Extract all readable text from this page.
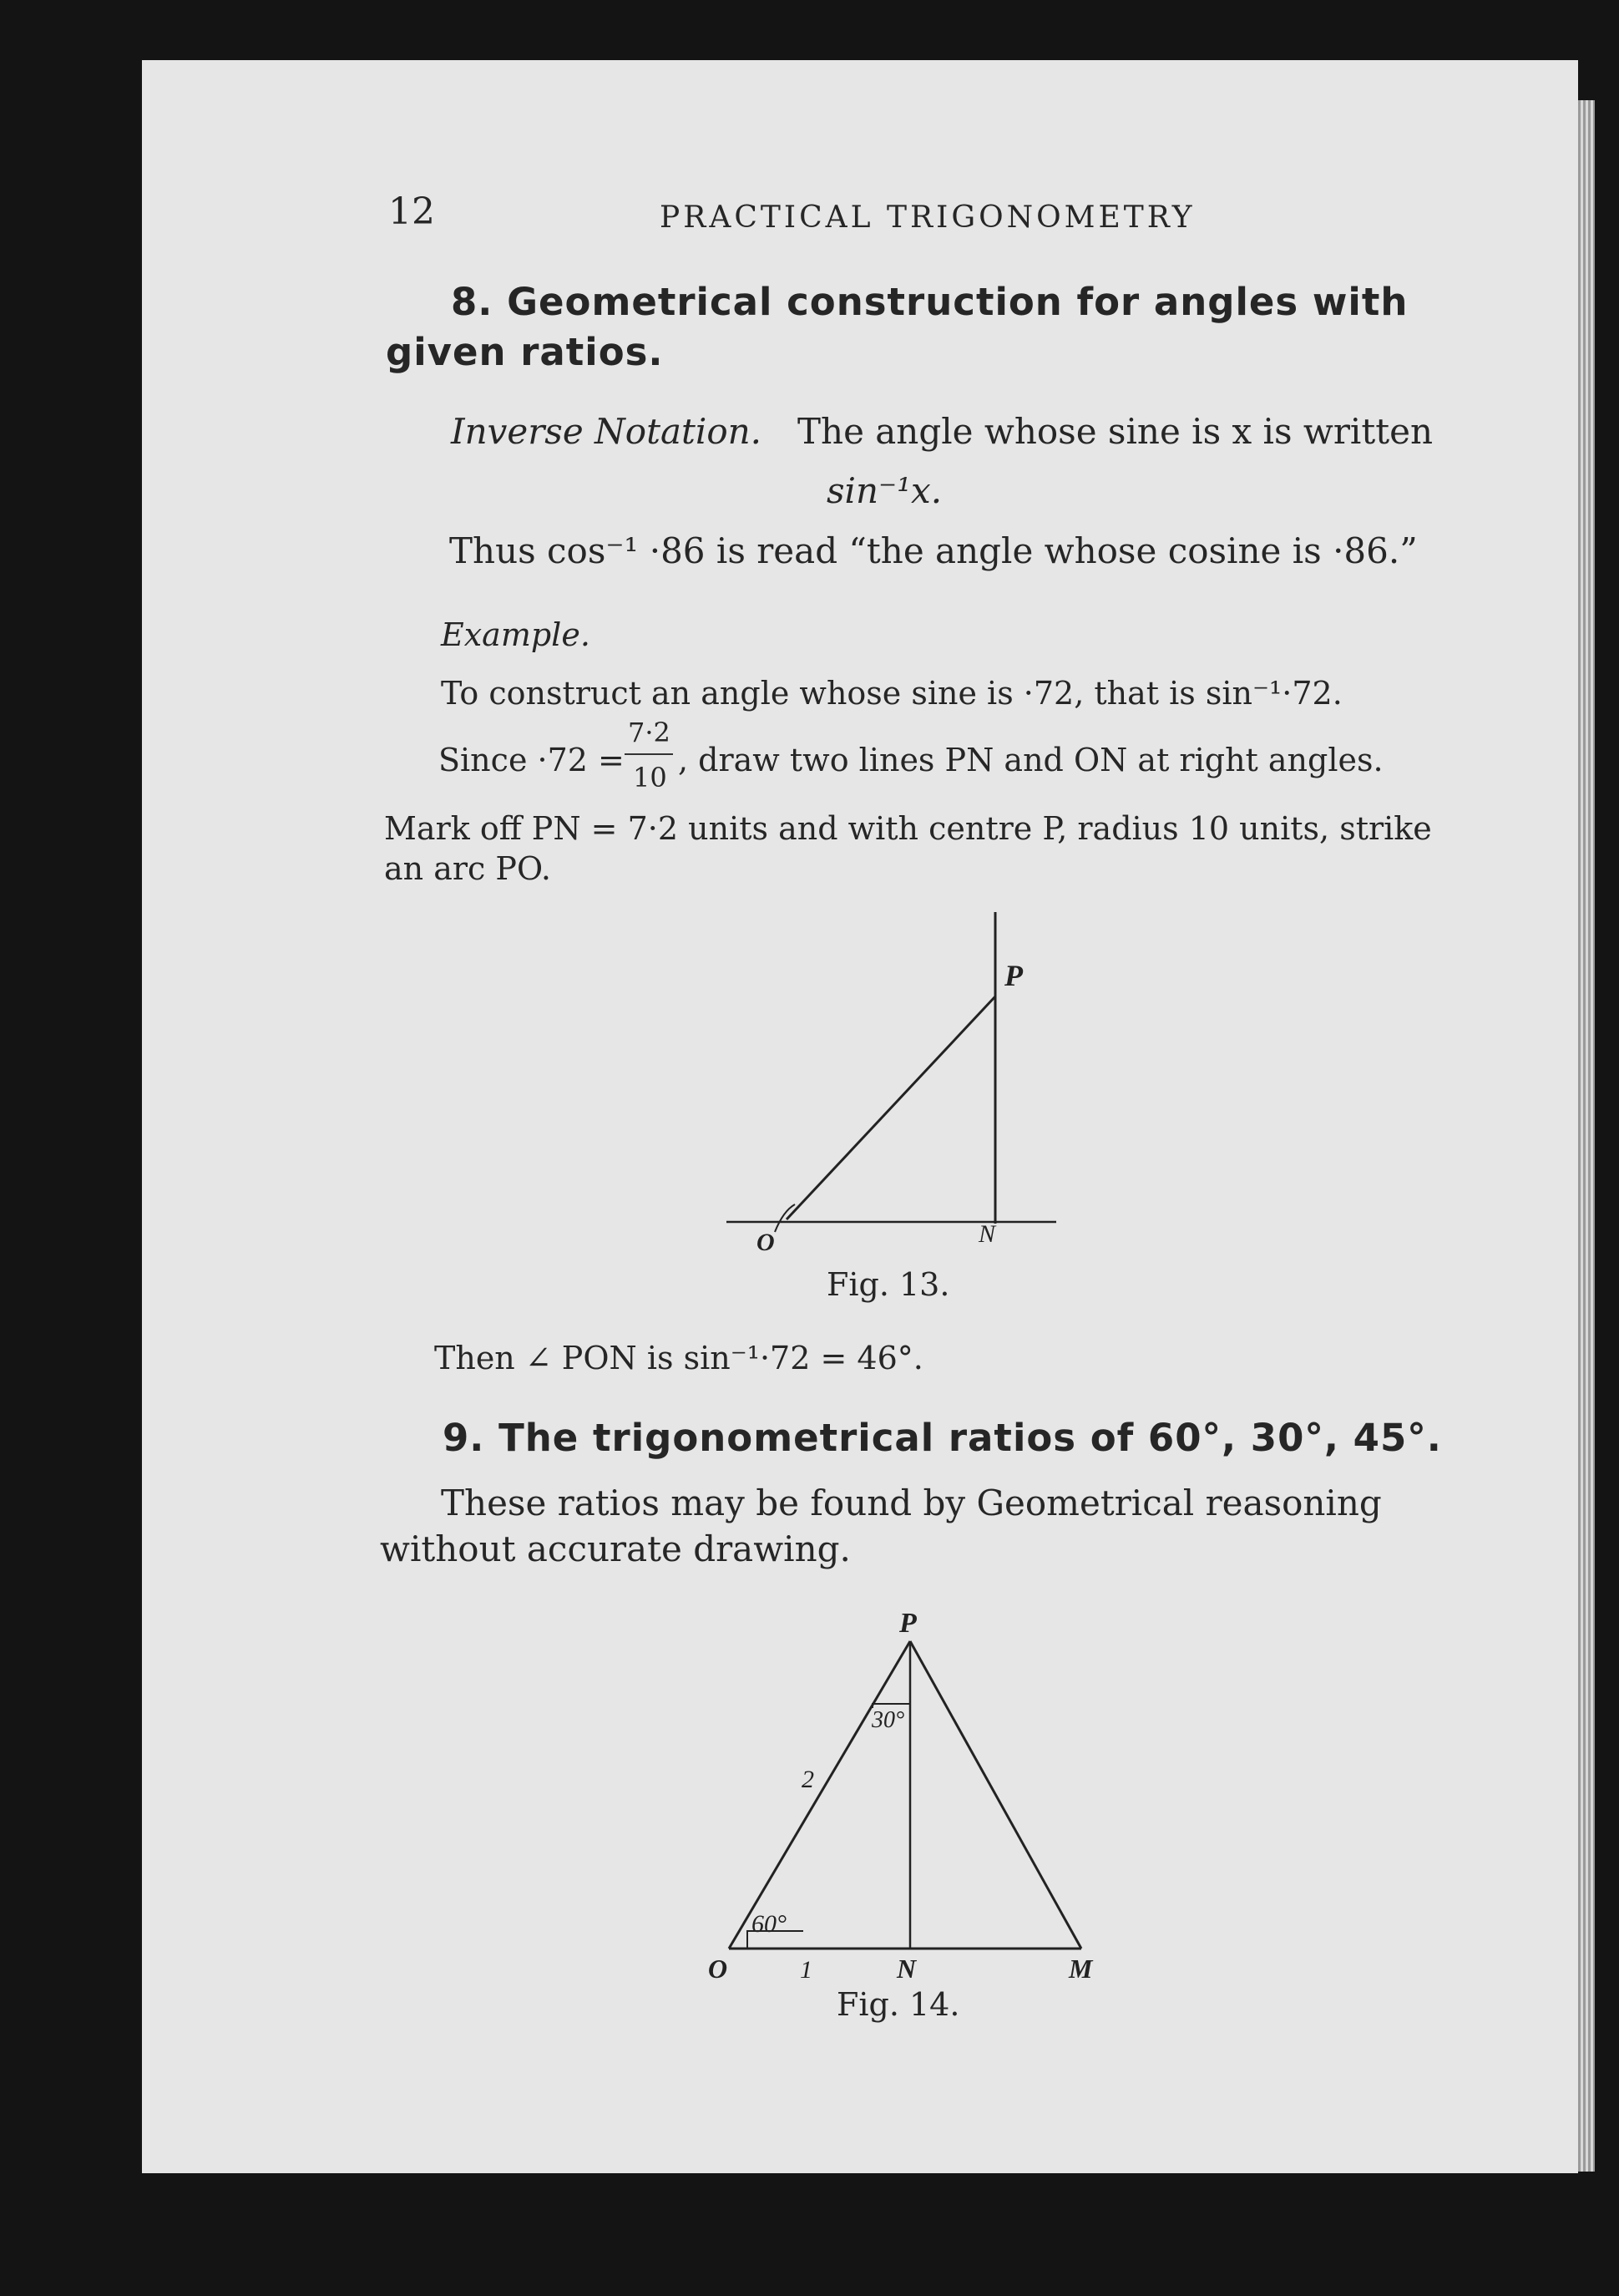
12	PRACTICAL TRIGONOMETRY
8. Geometrical construction for angles with
given ratios.
Inverse Notation. The angle whose sine is x is written
sin⁻¹x.
Thus cos⁻¹ ·86 is read “the angle whose cosine is ·86.”
Example.
To construct an angle whose sine is ·72, that is sin⁻¹·72.
Since ·72 =
7·2
10 , draw two lines PN and ON at right angles.
Mark off PN = 7·2 units and with centre P, radius 10 units, strike
an arc PO.
P
O	N
Fig. 13.
Then ∠ PON is sin⁻¹·72 = 46°.
9. The trigonometrical ratios of 60°, 30°, 45°.
These ratios may be found by Geometrical reasoning
without accurate drawing.
P
O	N	M
2
1
30°
60°
Fig. 14.
